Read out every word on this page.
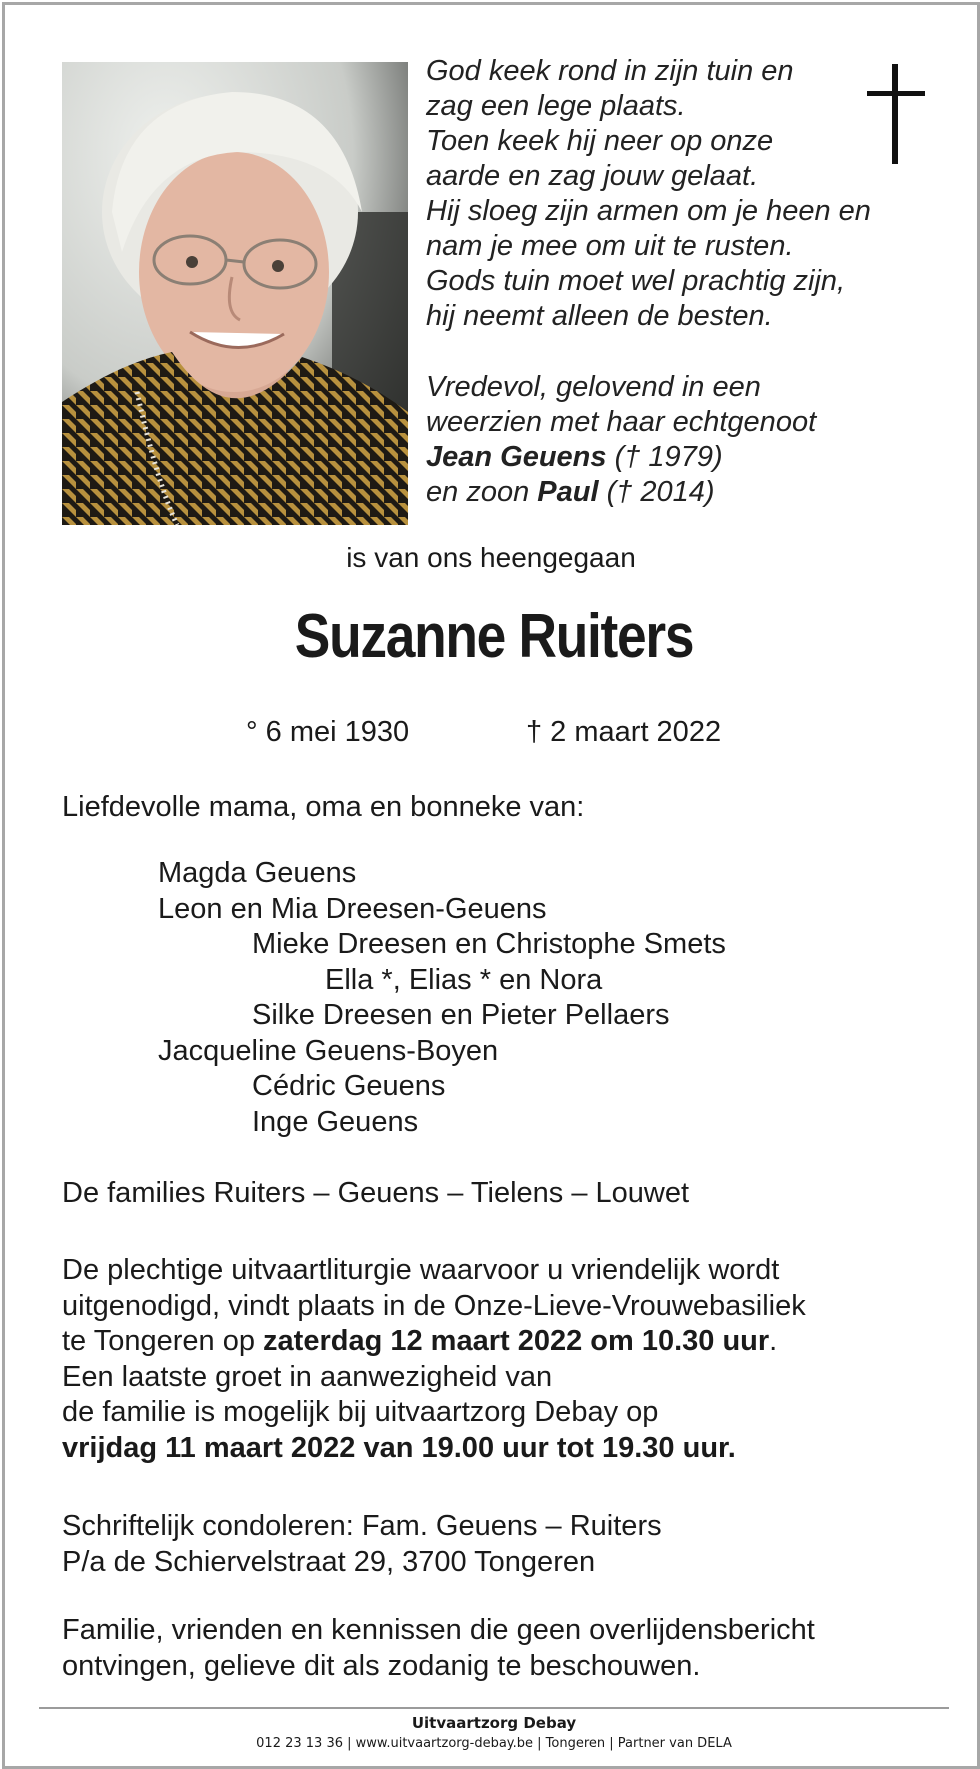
God keek rond in zijn tuin en

zag een lege plaats.

Toen keek hij neer op onze

aarde en zag jouw gelaat.

Hij sloeg zijn armen om je heen en

nam je mee om uit te rusten.

Gods tuin moet wel prachtig zijn,

hij neemt alleen de besten.

Vredevol, gelovend in een

weerzien met haar echtgenoot

Jean Geuens († 1979)

en zoon Paul († 2014)

is van ons heengegaan
Suzanne Ruiters
° 6 mei 1930	† 2 maart 2022
Liefdevolle mama, oma en bonneke van:
Magda Geuens
Leon en Mia Dreesen-Geuens
Mieke Dreesen en Christophe Smets
Ella *, Elias * en Nora
Silke Dreesen en Pieter Pellaers
Jacqueline Geuens-Boyen
Cédric Geuens
Inge Geuens
De families Ruiters – Geuens – Tielens – Louwet

De plechtige uitvaartliturgie waarvoor u vriendelijk wordt

uitgenodigd, vindt plaats in de Onze-Lieve-Vrouwebasiliek

te Tongeren op zaterdag 12 maart 2022 om 10.30 uur.

Een laatste groet in aanwezigheid van

de familie is mogelijk bij uitvaartzorg Debay op

vrijdag 11 maart 2022 van 19.00 uur tot 19.30 uur.

Schriftelijk condoleren: Fam. Geuens – Ruiters

P/a de Schiervelstraat 29, 3700 Tongeren

Familie, vrienden en kennissen die geen overlijdensbericht

ontvingen, gelieve dit als zodanig te beschouwen.

Uitvaartzorg Debay
012 23 13 36 | www.uitvaartzorg-debay.be | Tongeren | Partner van DELA
